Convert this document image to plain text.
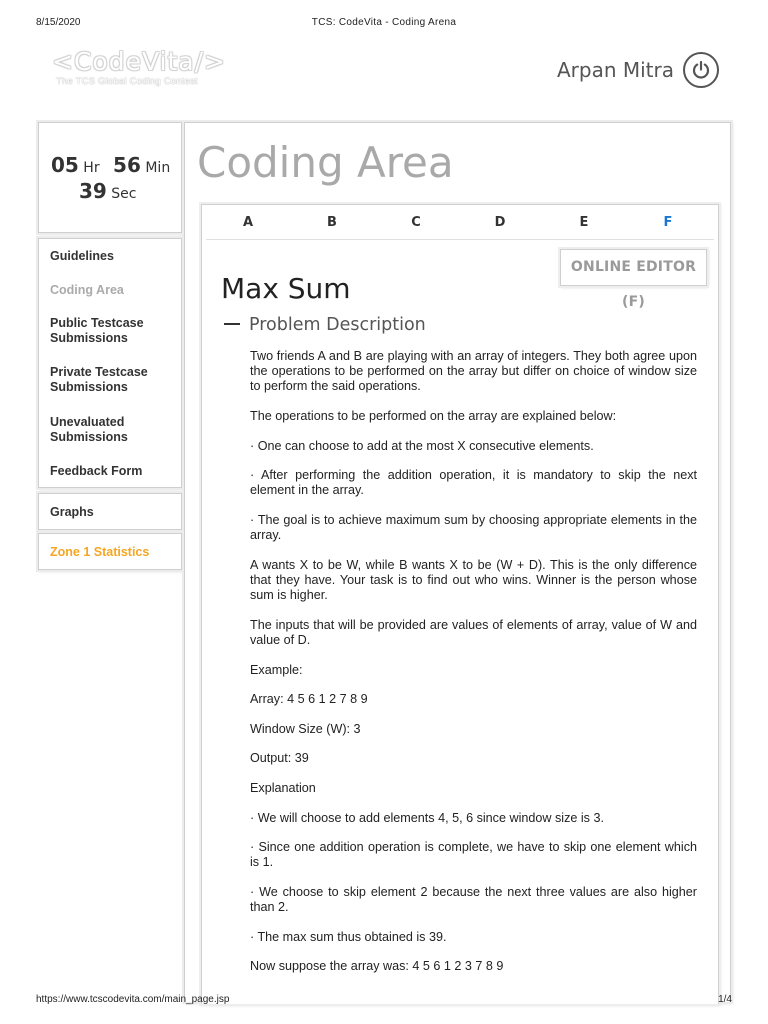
8/15/2020	TCS: CodeVita - Coding Arena
<CodeVita/>
The TCS Global Coding Contest	Arpan Mitra
05 Hr 56 Min
39 Sec
Guidelines
Coding Area
Public Testcase Submissions
Private Testcase Submissions
Unevaluated Submissions
Feedback Form
Graphs
Zone 1 Statistics
Coding Area
A	B	C	D	E	F
ONLINE EDITOR (F)
Max Sum
Problem Description

Two friends A and B are playing with an array of integers. They both agree upon the operations to be performed on the array but differ on choice of window size to perform the said operations.

The operations to be performed on the array are explained below:

· One can choose to add at the most X consecutive elements.

· After performing the addition operation, it is mandatory to skip the next element in the array.

· The goal is to achieve maximum sum by choosing appropriate elements in the array.

A wants X to be W, while B wants X to be (W + D). This is the only difference that they have. Your task is to find out who wins. Winner is the person whose sum is higher.

The inputs that will be provided are values of elements of array, value of W and value of D.

Example:

Array: 4 5 6 1 2 7 8 9

Window Size (W): 3

Output: 39

Explanation

· We will choose to add elements 4, 5, 6 since window size is 3.

· Since one addition operation is complete, we have to skip one element which is 1.

· We choose to skip element 2 because the next three values are also higher than 2.

· The max sum thus obtained is 39.

Now suppose the array was: 4 5 6 1 2 3 7 8 9

https://www.tcscodevita.com/main_page.jsp	1/4
